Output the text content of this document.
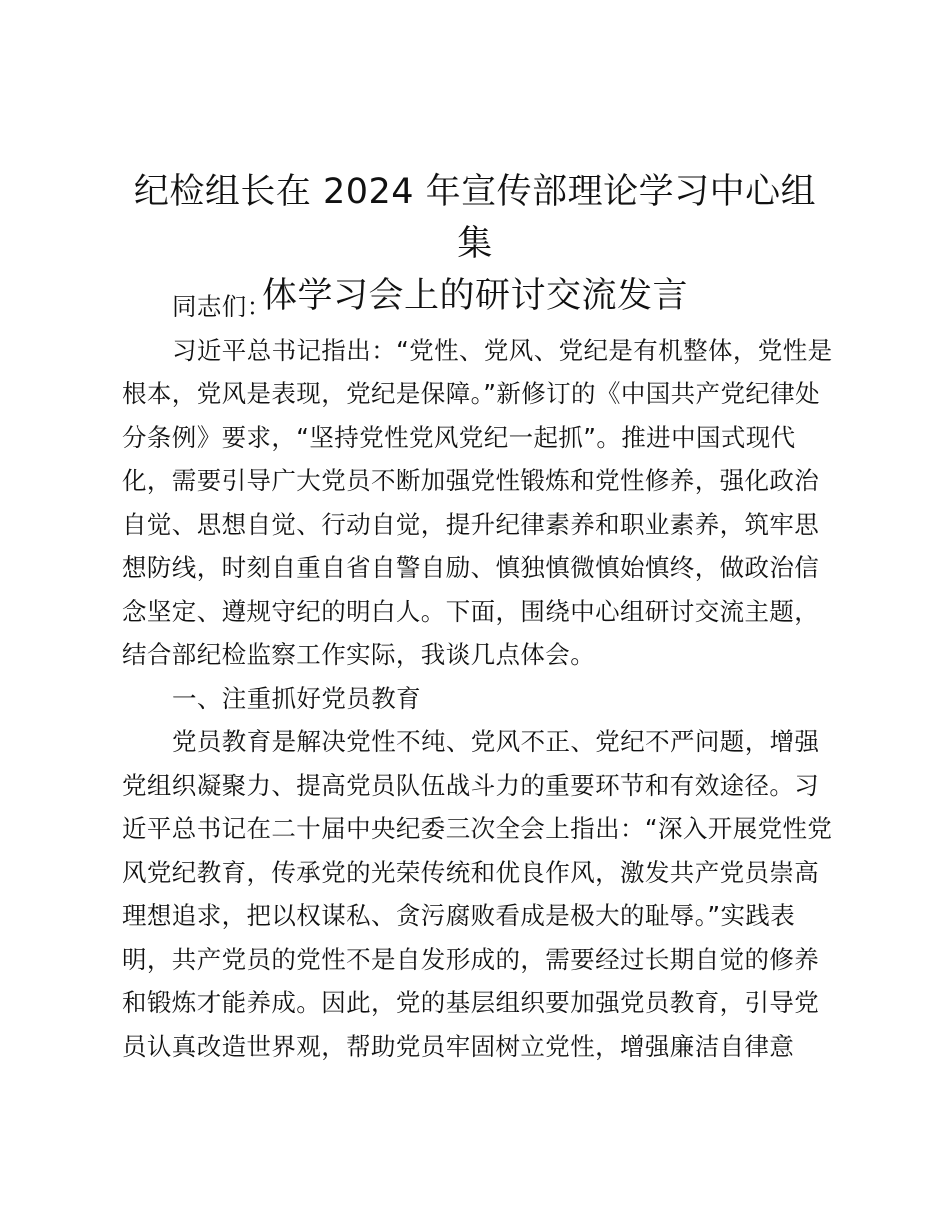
纪检组长在 2024 年宣传部理论学习中心组集
体学习会上的研讨交流发言
同志们：
习近平总书记指出：“党性、党风、党纪是有机整体，党性是
根本，党风是表现，党纪是保障。”新修订的《中国共产党纪律处
分条例》要求，“坚持党性党风党纪一起抓”。推进中国式现代
化，需要引导广大党员不断加强党性锻炼和党性修养，强化政治
自觉、思想自觉、行动自觉，提升纪律素养和职业素养，筑牢思
想防线，时刻自重自省自警自励、慎独慎微慎始慎终，做政治信
念坚定、遵规守纪的明白人。下面，围绕中心组研讨交流主题，
结合部纪检监察工作实际，我谈几点体会。
一、注重抓好党员教育
党员教育是解决党性不纯、党风不正、党纪不严问题，增强
党组织凝聚力、提高党员队伍战斗力的重要环节和有效途径。习
近平总书记在二十届中央纪委三次全会上指出：“深入开展党性党
风党纪教育，传承党的光荣传统和优良作风，激发共产党员崇高
理想追求，把以权谋私、贪污腐败看成是极大的耻辱。”实践表
明，共产党员的党性不是自发形成的，需要经过长期自觉的修养
和锻炼才能养成。因此，党的基层组织要加强党员教育，引导党
员认真改造世界观，帮助党员牢固树立党性，增强廉洁自律意
